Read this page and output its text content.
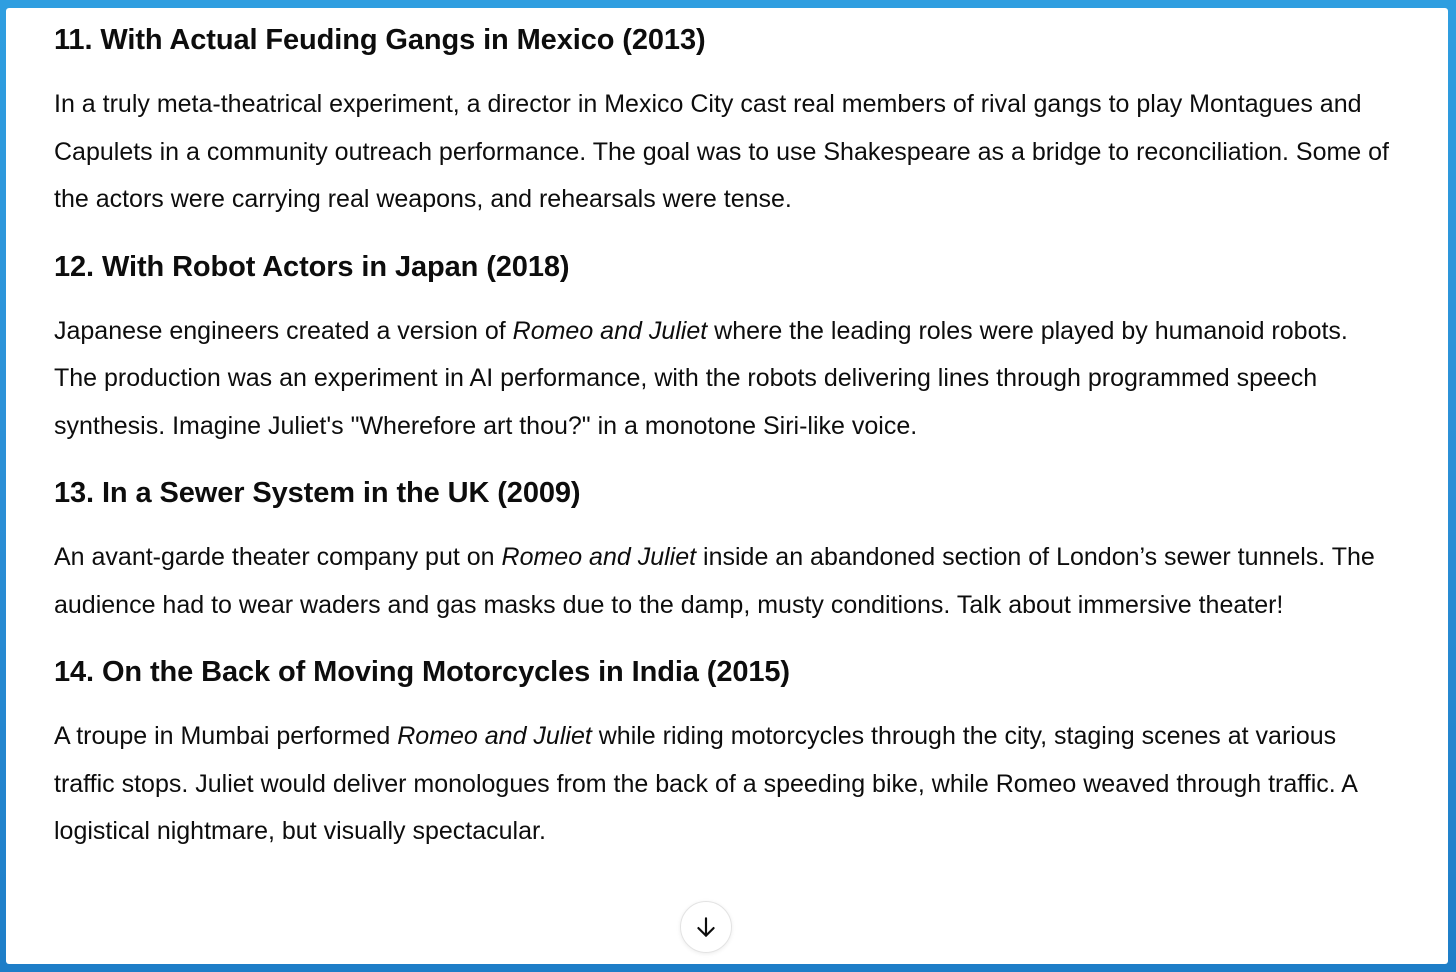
11. With Actual Feuding Gangs in Mexico (2013)

In a truly meta-theatrical experiment, a director in Mexico City cast real members of rival gangs to play Montagues and Capulets in a community outreach performance. The goal was to use Shakespeare as a bridge to reconciliation. Some of the actors were carrying real weapons, and rehearsals were tense.

12. With Robot Actors in Japan (2018)

Japanese engineers created a version of Romeo and Juliet where the leading roles were played by humanoid robots. The production was an experiment in AI performance, with the robots delivering lines through programmed speech synthesis. Imagine Juliet's "Wherefore art thou?" in a monotone Siri-like voice.

13. In a Sewer System in the UK (2009)

An avant-garde theater company put on Romeo and Juliet inside an abandoned section of London’s sewer tunnels. The audience had to wear waders and gas masks due to the damp, musty conditions. Talk about immersive theater!

14. On the Back of Moving Motorcycles in India (2015)

A troupe in Mumbai performed Romeo and Juliet while riding motorcycles through the city, staging scenes at various traffic stops. Juliet would deliver monologues from the back of a speeding bike, while Romeo weaved through traffic. A logistical nightmare, but visually spectacular.
